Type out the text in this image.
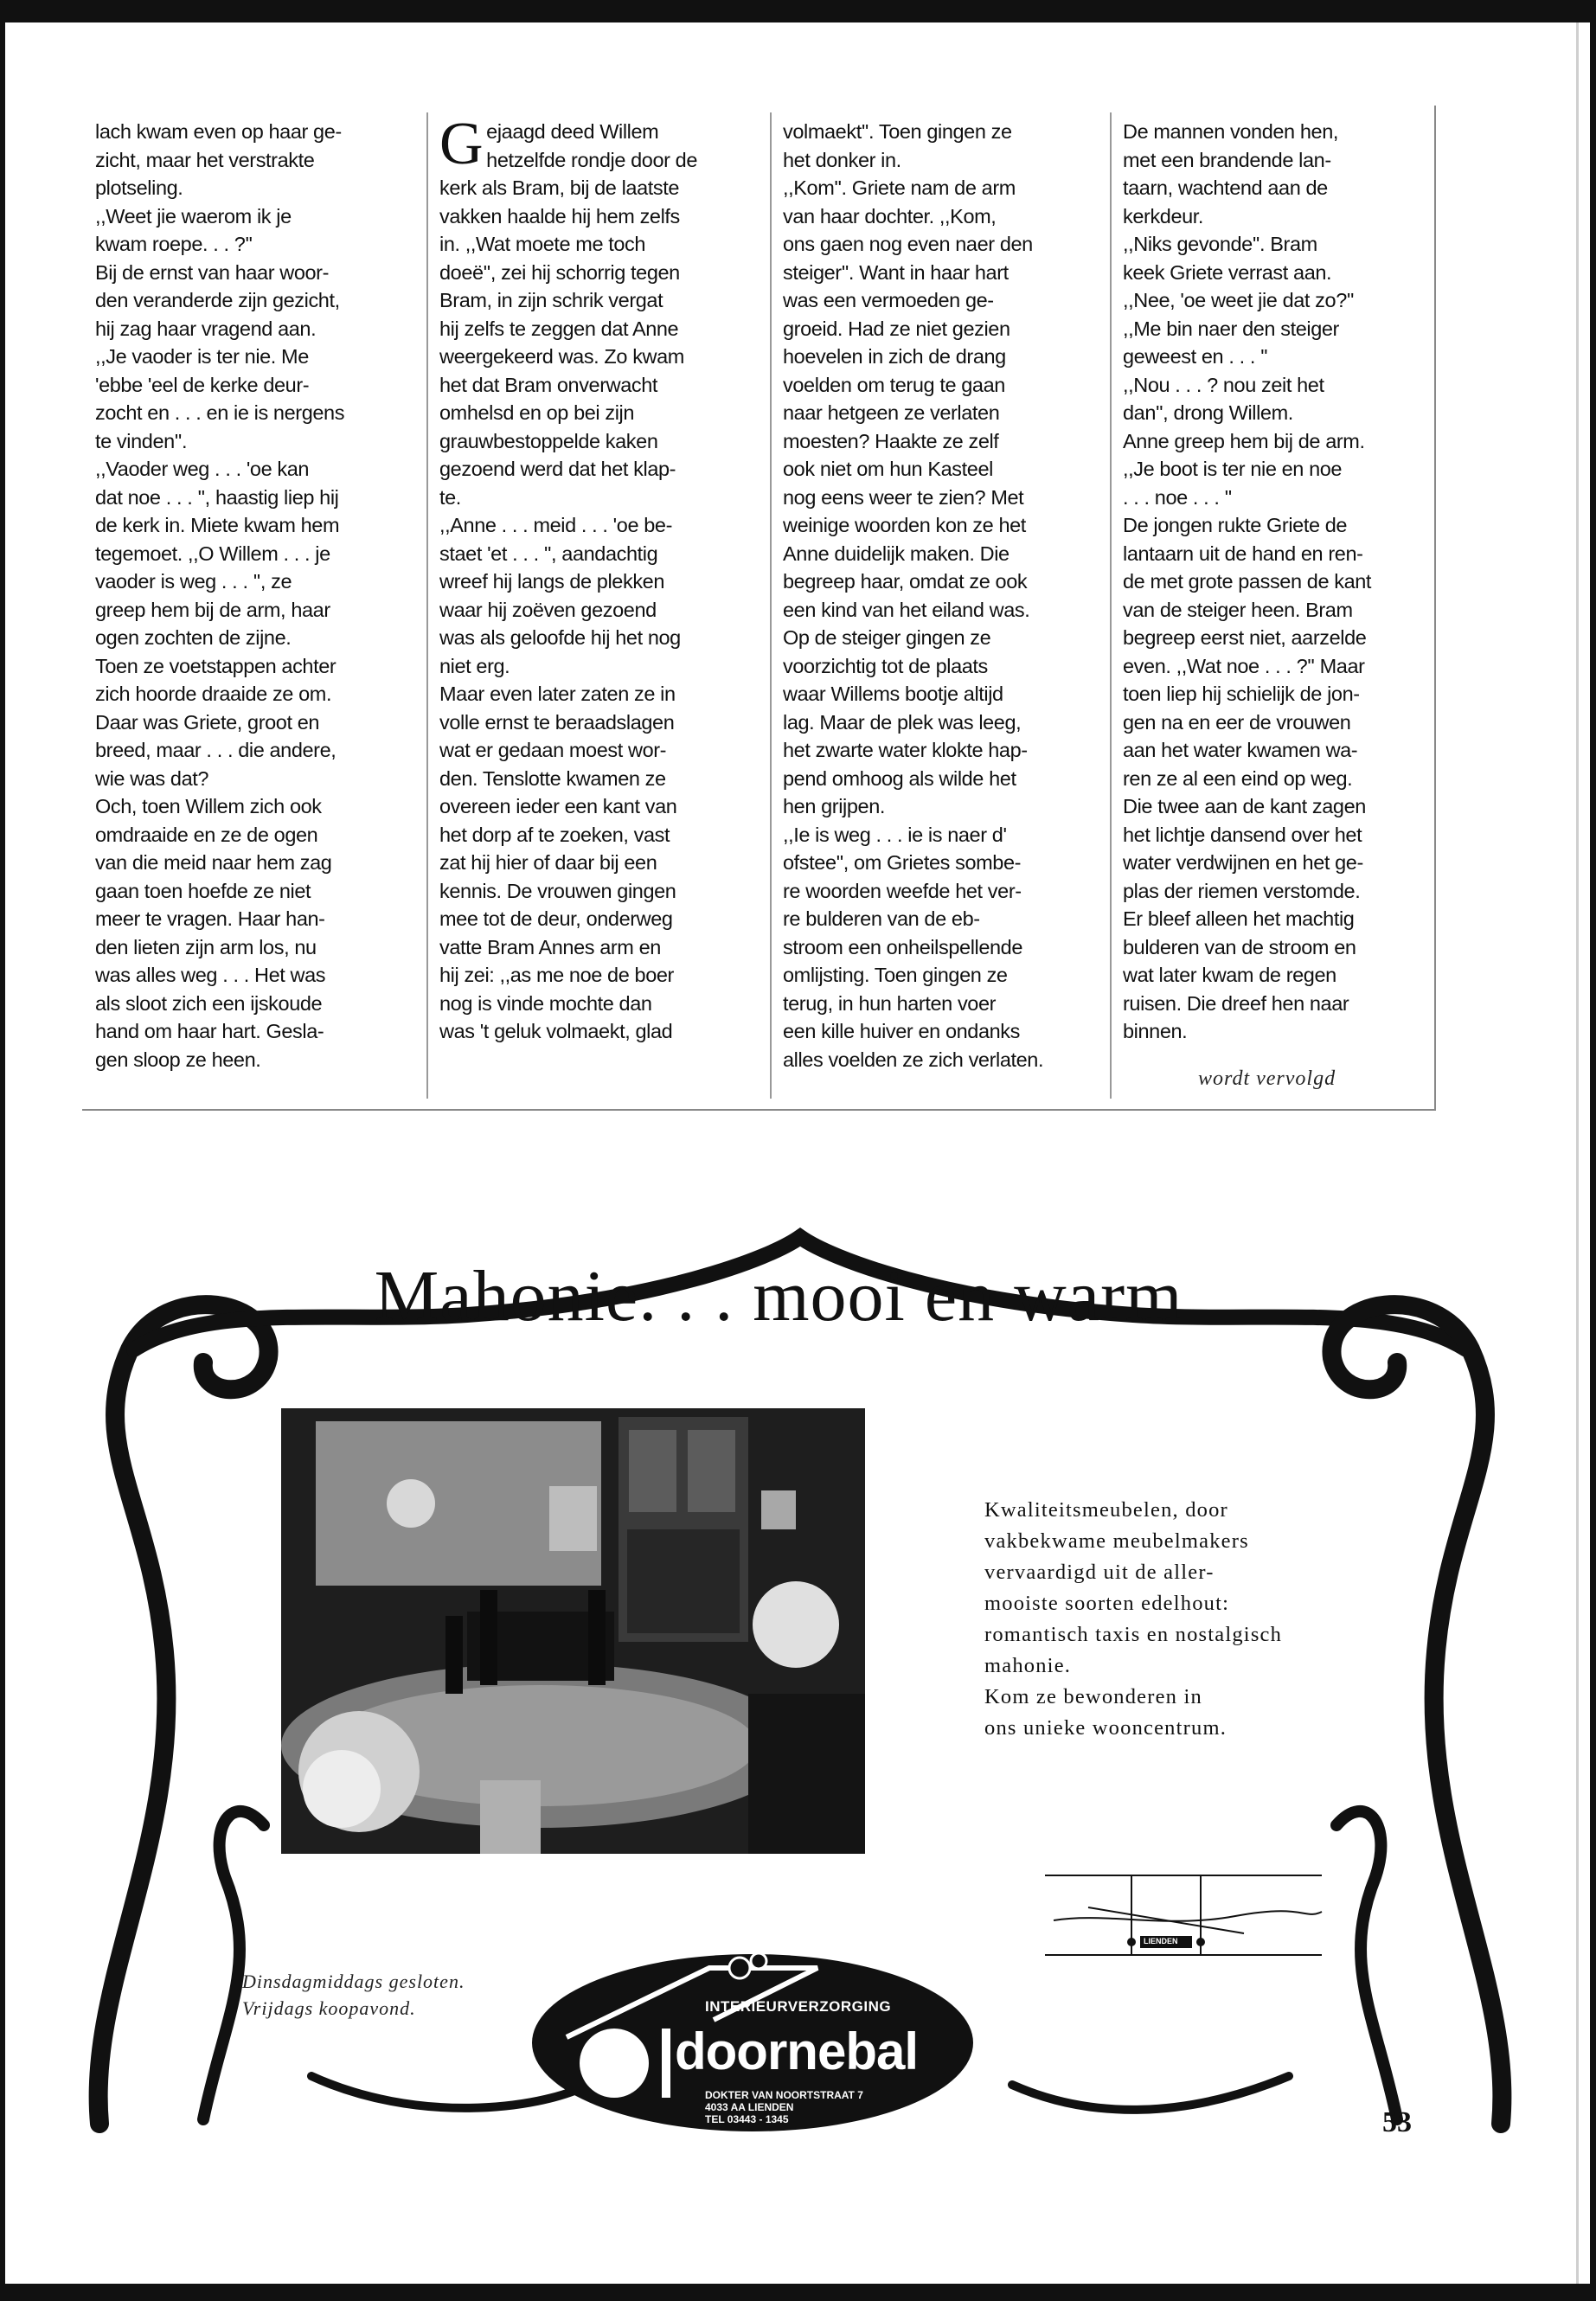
lach kwam even op haar ge-
zicht, maar het verstrakte
plotseling.
,,Weet jie waerom ik je
kwam roepe. . . ?''
Bij de ernst van haar woor-
den veranderde zijn gezicht,
hij zag haar vragend aan.
,,Je vaoder is ter nie. Me
'ebbe 'eel de kerke deur-
zocht en . . . en ie is nergens
te vinden''.
,,Vaoder weg . . . 'oe kan
dat noe . . . '', haastig liep hij
de kerk in. Miete kwam hem
tegemoet. ,,O Willem . . . je
vaoder is weg . . . '', ze
greep hem bij de arm, haar
ogen zochten de zijne.
Toen ze voetstappen achter
zich hoorde draaide ze om.
Daar was Griete, groot en
breed, maar . . . die andere,
wie was dat?
Och, toen Willem zich ook
omdraaide en ze de ogen
van die meid naar hem zag
gaan toen hoefde ze niet
meer te vragen. Haar han-
den lieten zijn arm los, nu
was alles weg . . . Het was
als sloot zich een ijskoude
hand om haar hart. Gesla-
gen sloop ze heen.
Gejaagd deed Willem
hetzelfde rondje door de
kerk als Bram, bij de laatste
vakken haalde hij hem zelfs
in. ,,Wat moete me toch
doeë'', zei hij schorrig tegen
Bram, in zijn schrik vergat
hij zelfs te zeggen dat Anne
weergekeerd was. Zo kwam
het dat Bram onverwacht
omhelsd en op bei zijn
grauwbestoppelde kaken
gezoend werd dat het klap-
te.
,,Anne . . . meid . . . 'oe be-
staet 'et . . . '', aandachtig
wreef hij langs de plekken
waar hij zoëven gezoend
was als geloofde hij het nog
niet erg.
Maar even later zaten ze in
volle ernst te beraadslagen
wat er gedaan moest wor-
den. Tenslotte kwamen ze
overeen ieder een kant van
het dorp af te zoeken, vast
zat hij hier of daar bij een
kennis. De vrouwen gingen
mee tot de deur, onderweg
vatte Bram Annes arm en
hij zei: ,,as me noe de boer
nog is vinde mochte dan
was 't geluk volmaekt, glad
volmaekt''. Toen gingen ze
het donker in.
,,Kom''. Griete nam de arm
van haar dochter. ,,Kom,
ons gaen nog even naer den
steiger''. Want in haar hart
was een vermoeden ge-
groeid. Had ze niet gezien
hoevelen in zich de drang
voelden om terug te gaan
naar hetgeen ze verlaten
moesten? Haakte ze zelf
ook niet om hun Kasteel
nog eens weer te zien? Met
weinige woorden kon ze het
Anne duidelijk maken. Die
begreep haar, omdat ze ook
een kind van het eiland was.
Op de steiger gingen ze
voorzichtig tot de plaats
waar Willems bootje altijd
lag. Maar de plek was leeg,
het zwarte water klokte hap-
pend omhoog als wilde het
hen grijpen.
,,Ie is weg . . . ie is naer d'
ofstee'', om Grietes sombe-
re woorden weefde het ver-
re bulderen van de eb-
stroom een onheilspellende
omlijsting. Toen gingen ze
terug, in hun harten voer
een kille huiver en ondanks
alles voelden ze zich verlaten.
De mannen vonden hen,
met een brandende lan-
taarn, wachtend aan de
kerkdeur.
,,Niks gevonde''. Bram
keek Griete verrast aan.
,,Nee, 'oe weet jie dat zo?''
,,Me bin naer den steiger
geweest en . . . ''
,,Nou . . . ? nou zeit het
dan'', drong Willem.
Anne greep hem bij de arm.
,,Je boot is ter nie en noe
. . . noe . . . ''
De jongen rukte Griete de
lantaarn uit de hand en ren-
de met grote passen de kant
van de steiger heen. Bram
begreep eerst niet, aarzelde
even. ,,Wat noe . . . ?'' Maar
toen liep hij schielijk de jon-
gen na en eer de vrouwen
aan het water kwamen wa-
ren ze al een eind op weg.
Die twee aan de kant zagen
het lichtje dansend over het
water verdwijnen en het ge-
plas der riemen verstomde.
Er bleef alleen het machtig
bulderen van de stroom en
wat later kwam de regen
ruisen. Die dreef hen naar
binnen.
wordt vervolgd
Mahonie. . . mooi en warm
Kwaliteitsmeubelen, door
vakbekwame meubelmakers
vervaardigd uit de aller-
mooiste soorten edelhout:
romantisch taxis en nostalgisch
mahonie.
Kom ze bewonderen in
ons unieke wooncentrum.
Dinsdagmiddags gesloten.
Vrijdags koopavond.	INTERIEURVERZORGING
doornebal
DOKTER VAN NOORTSTRAAT 7
4033 AA LIENDEN
TEL 03443 - 1345
LIENDEN
53
